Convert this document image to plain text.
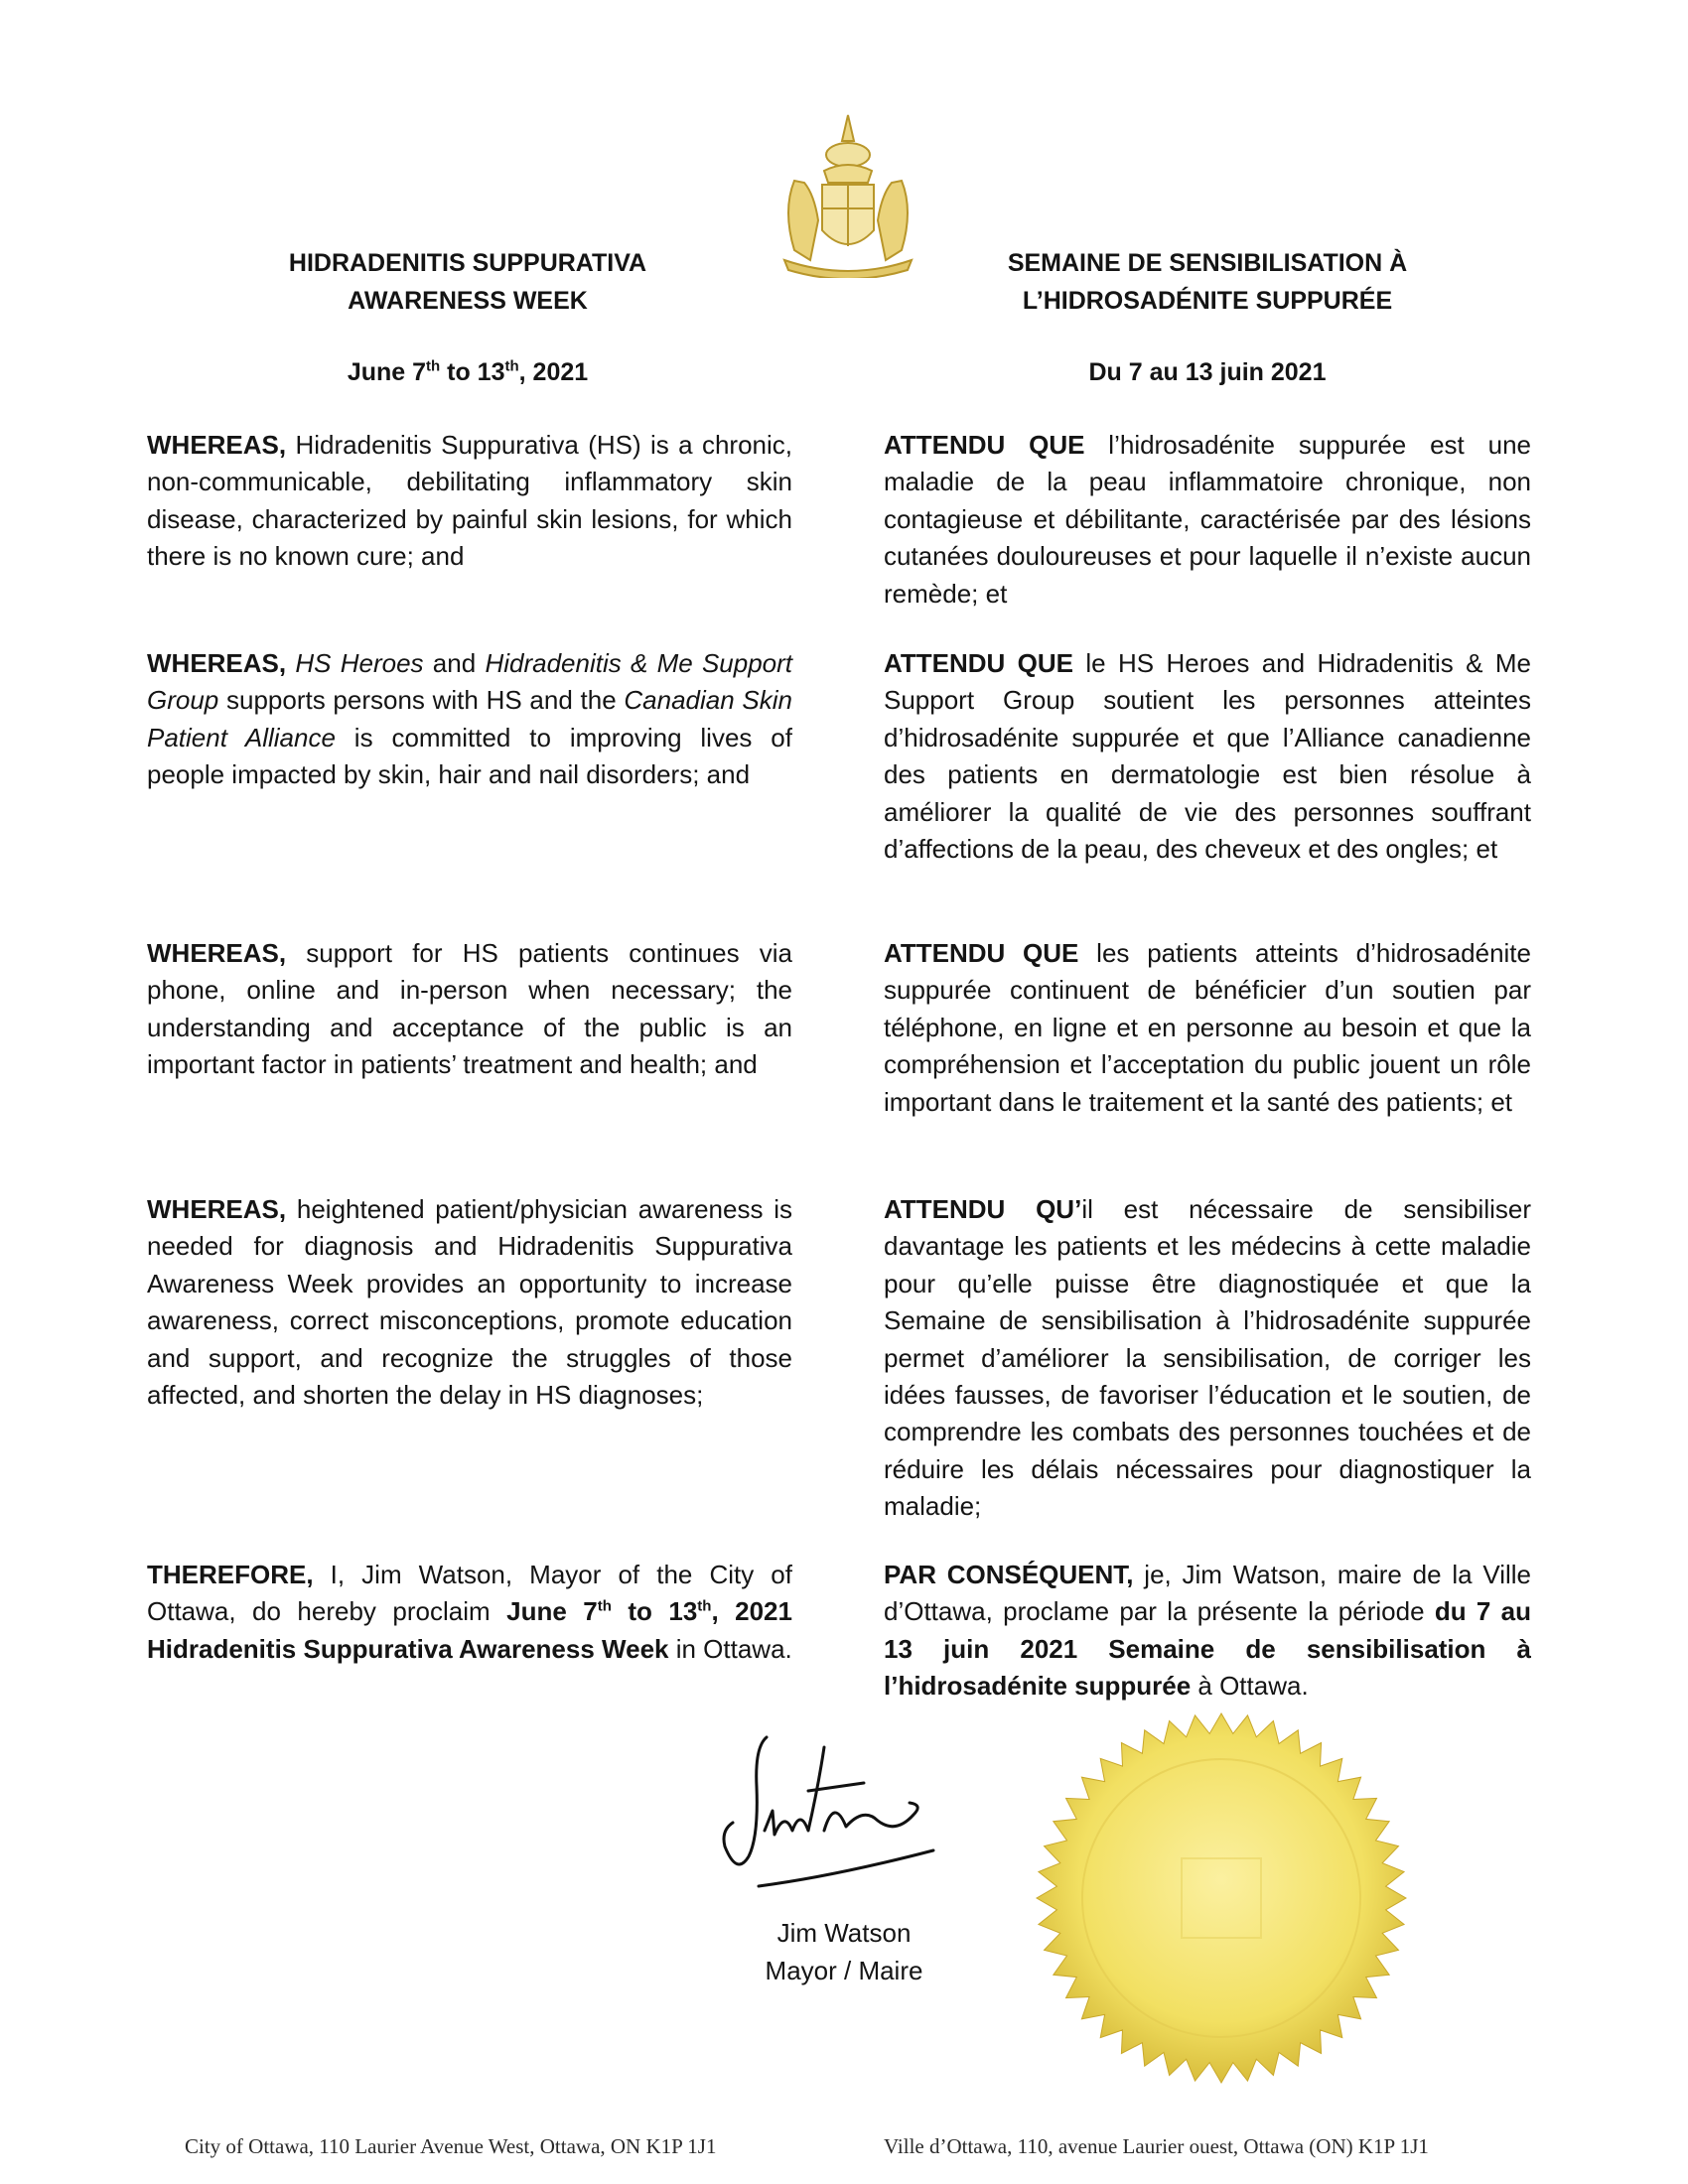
HIDRADENITIS SUPPURATIVA
AWARENESS WEEK
June 7th to 13th, 2021
SEMAINE DE SENSIBILISATION À
L’HIDROSADÉNITE SUPPURÉE
Du 7 au 13 juin 2021

WHEREAS, Hidradenitis Suppurativa (HS) is a chronic, non-communicable, debilitating inflammatory skin disease, characterized by painful skin lesions, for which there is no known cure; and

WHEREAS, HS Heroes and Hidradenitis & Me Support Group supports persons with HS and the Canadian Skin Patient Alliance is committed to improving lives of people impacted by skin, hair and nail disorders; and

WHEREAS, support for HS patients continues via phone, online and in-person when necessary; the understanding and acceptance of the public is an important factor in patients’ treatment and health; and

WHEREAS, heightened patient/physician awareness is needed for diagnosis and Hidradenitis Suppurativa Awareness Week provides an opportunity to increase awareness, correct misconceptions, promote education and support, and recognize the struggles of those affected, and shorten the delay in HS diagnoses;

THEREFORE, I, Jim Watson, Mayor of the City of Ottawa, do hereby proclaim June 7th to 13th, 2021 Hidradenitis Suppurativa Awareness Week in Ottawa.

ATTENDU QUE l’hidrosadénite suppurée est une maladie de la peau inflammatoire chronique, non contagieuse et débilitante, caractérisée par des lésions cutanées douloureuses et pour laquelle il n’existe aucun remède; et

ATTENDU QUE le HS Heroes and Hidradenitis & Me Support Group soutient les personnes atteintes d’hidrosadénite suppurée et que l’Alliance canadienne des patients en dermatologie est bien résolue à améliorer la qualité de vie des personnes souffrant d’affections de la peau, des cheveux et des ongles; et

ATTENDU QUE les patients atteints d’hidrosadénite suppurée continuent de bénéficier d’un soutien par téléphone, en ligne et en personne au besoin et que la compréhension et l’acceptation du public jouent un rôle important dans le traitement et la santé des patients; et

ATTENDU QU’il est nécessaire de sensibiliser davantage les patients et les médecins à cette maladie pour qu’elle puisse être diagnostiquée et que la Semaine de sensibilisation à l’hidrosadénite suppurée permet d’améliorer la sensibilisation, de corriger les idées fausses, de favoriser l’éducation et le soutien, de comprendre les combats des personnes touchées et de réduire les délais nécessaires pour diagnostiquer la maladie;

PAR CONSÉQUENT, je, Jim Watson, maire de la Ville d’Ottawa, proclame par la présente la période du 7 au 13 juin 2021 Semaine de sensibilisation à l’hidrosadénite suppurée à Ottawa.

Jim Watson
Mayor / Maire
City of Ottawa, 110 Laurier Avenue West, Ottawa, ON K1P 1J1	Ville d’Ottawa, 110, avenue Laurier ouest, Ottawa (ON) K1P 1J1
